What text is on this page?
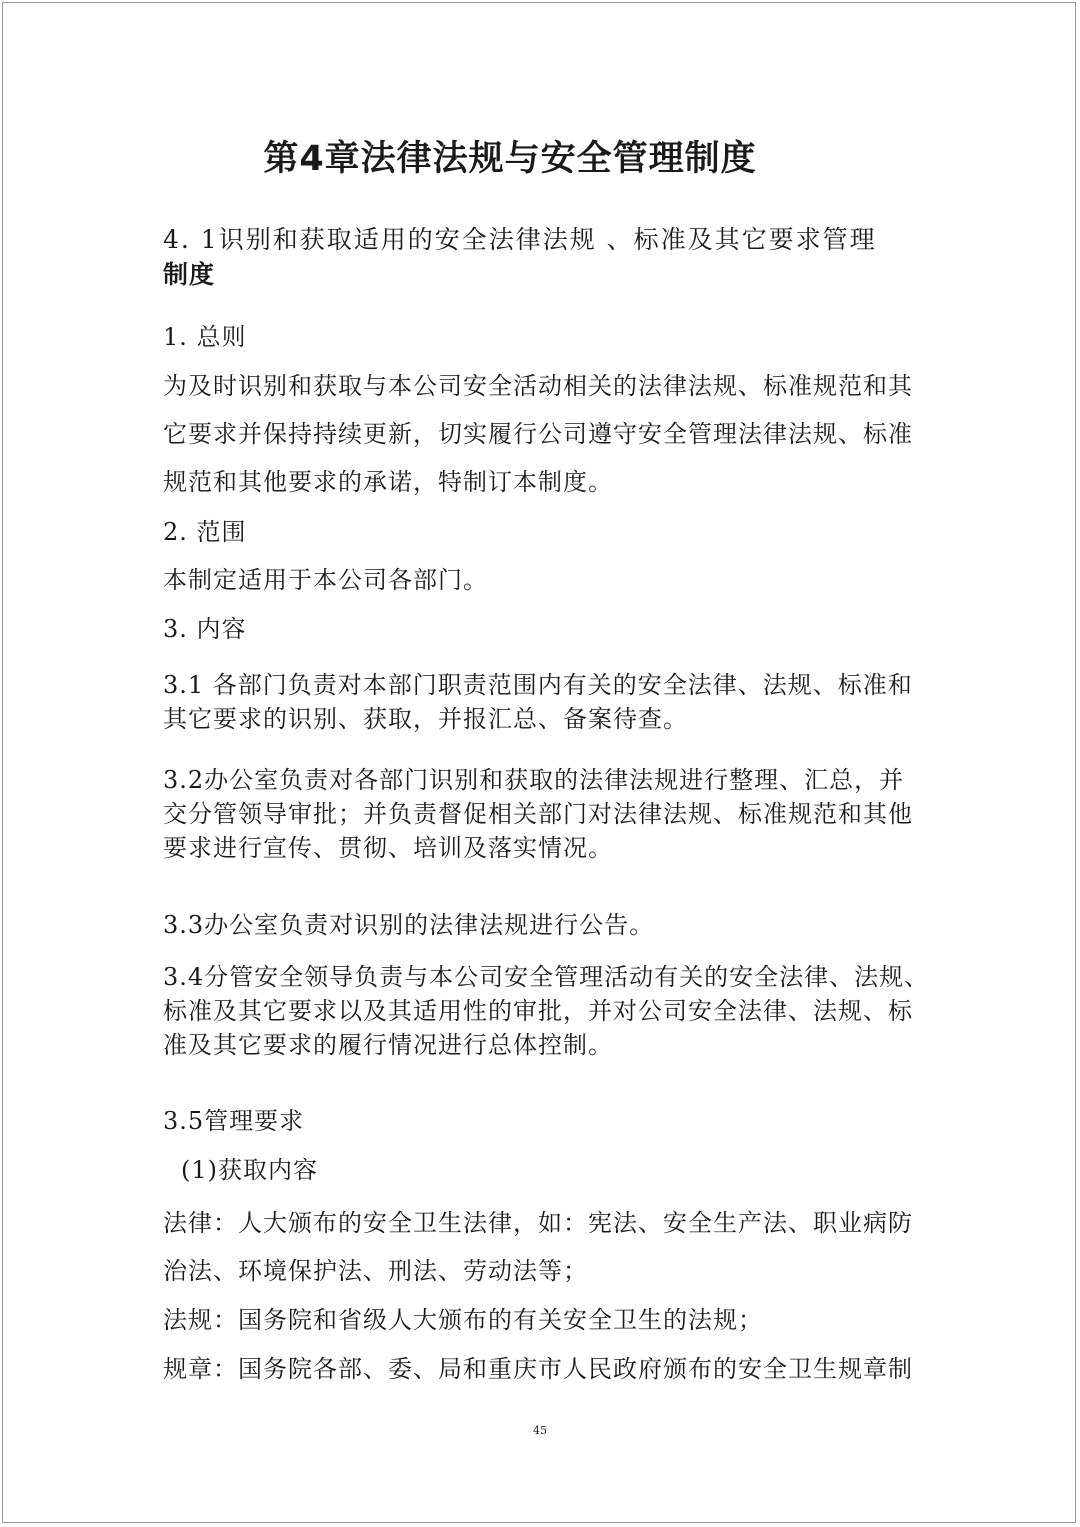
第4章法律法规与安全管理制度
4. 1识别和获取适用的安全法律法规 、标准及其它要求管理
制度
1. 总则
为及时识别和获取与本公司安全活动相关的法律法规、标准规范和其
它要求并保持持续更新，切实履行公司遵守安全管理法律法规、标准
规范和其他要求的承诺，特制订本制度。
2. 范围
本制定适用于本公司各部门。
3. 内容
3.1 各部门负责对本部门职责范围内有关的安全法律、法规、标准和
其它要求的识别、获取，并报汇总、备案待查。
3.2办公室负责对各部门识别和获取的法律法规进行整理、汇总，并
交分管领导审批；并负责督促相关部门对法律法规、标准规范和其他
要求进行宣传、贯彻、培训及落实情况。
3.3办公室负责对识别的法律法规进行公告。
3.4分管安全领导负责与本公司安全管理活动有关的安全法律、法规、
标准及其它要求以及其适用性的审批，并对公司安全法律、法规、标
准及其它要求的履行情况进行总体控制。
3.5管理要求
(1)获取内容
法律：人大颁布的安全卫生法律，如：宪法、安全生产法、职业病防
治法、环境保护法、刑法、劳动法等；
法规：国务院和省级人大颁布的有关安全卫生的法规；
规章：国务院各部、委、局和重庆市人民政府颁布的安全卫生规章制
45
